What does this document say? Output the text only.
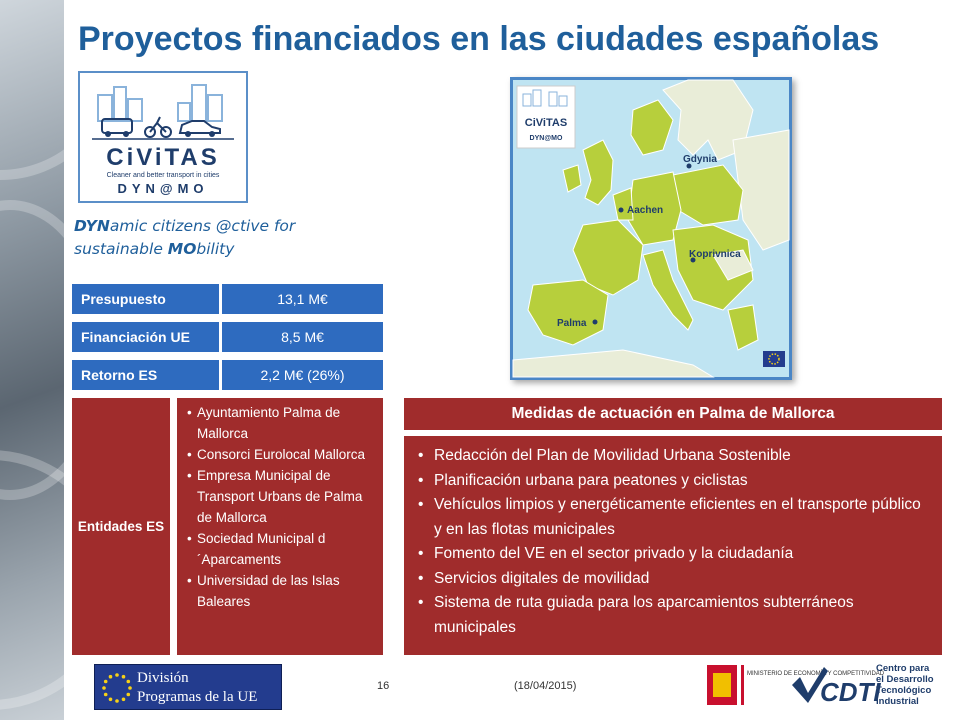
Proyectos financiados en las ciudades españolas
CiViTAS
Cleaner and better transport in cities
DYN@MO
DYNamic citizens @ctive for sustainable MObility
Presupuesto	13,1 M€
Financiación UE	8,5 M€
Retorno ES	2,2 M€ (26%)
Entidades ES
• Ayuntamiento Palma de Mallorca
• Consorci Eurolocal Mallorca
• Empresa Municipal de Transport Urbans de Palma de Mallorca
• Sociedad Municipal d´Aparcaments
• Universidad de las Islas Baleares
CiViTAS
DYN@MO
Gdynia
Aachen
Koprivnica
Palma
Medidas de actuación en Palma de Mallorca
• Redacción del Plan de Movilidad Urbana Sostenible
• Planificación urbana para peatones y ciclistas
• Vehículos limpios y energéticamente eficientes en el transporte público y en las flotas municipales
• Fomento del VE en el sector privado y la ciudadanía
• Servicios digitales de movilidad
• Sistema de ruta guiada para los aparcamientos subterráneos municipales
División
Programas de la UE
16	(18/04/2015)
MINISTERIO DE ECONOMÍA Y COMPETITIVIDAD
CDTI
Centro para el Desarrollo Tecnológico Industrial
